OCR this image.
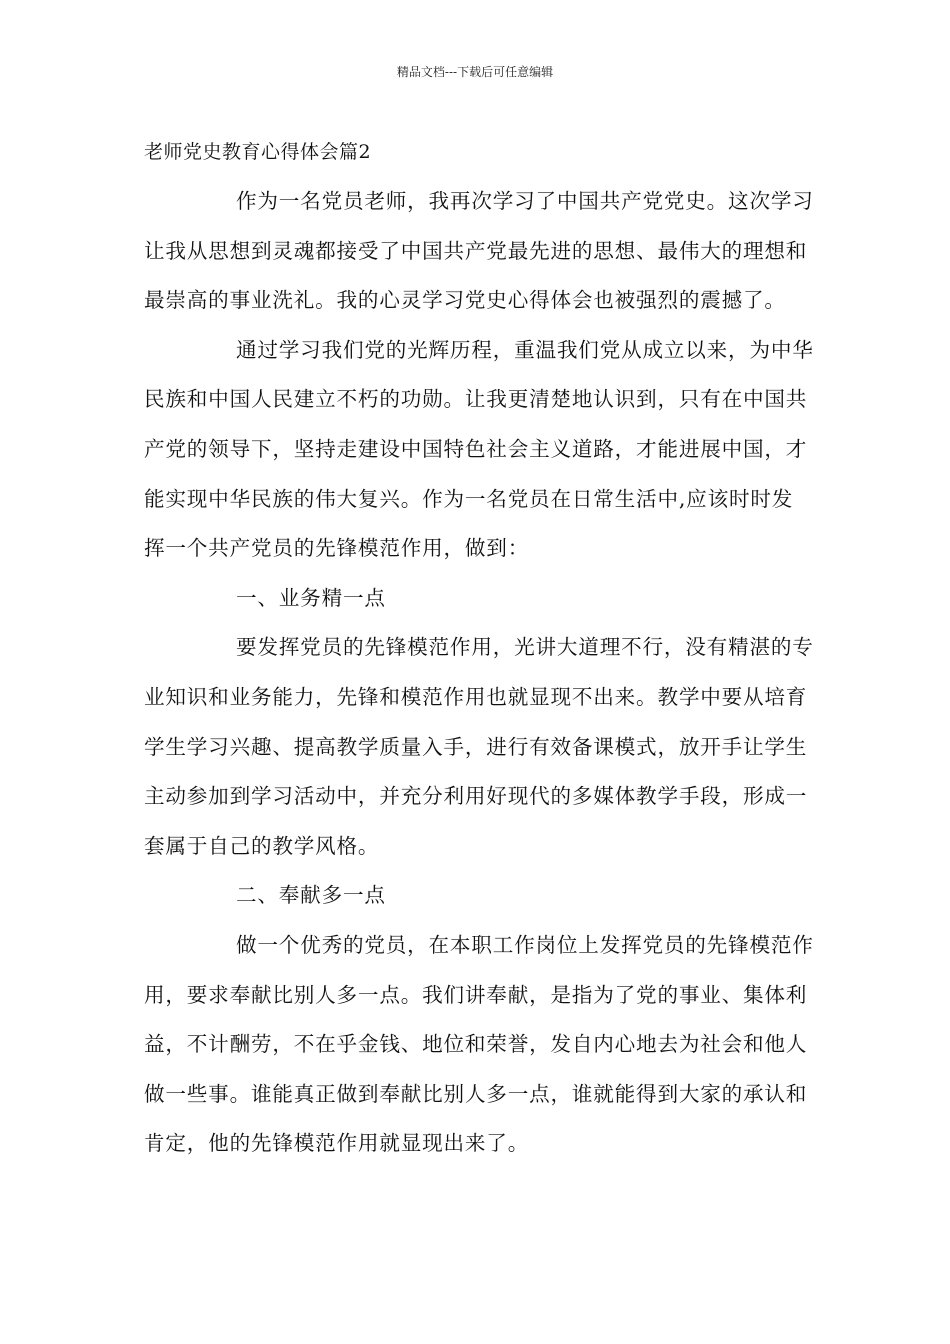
精品文档---下载后可任意编辑
老师党史教育心得体会篇2

作为一名党员老师，我再次学习了中国共产党党史。这次学习让我从思想到灵魂都接受了中国共产党最先进的思想、最伟大的理想和最崇高的事业洗礼。我的心灵学习党史心得体会也被强烈的震撼了。

通过学习我们党的光辉历程，重温我们党从成立以来，为中华民族和中国人民建立不朽的功勋。让我更清楚地认识到，只有在中国共产党的领导下，坚持走建设中国特色社会主义道路，才能进展中国，才能实现中华民族的伟大复兴。作为一名党员在日常生活中,应该时时发挥一个共产党员的先锋模范作用，做到：

一、业务精一点

要发挥党员的先锋模范作用，光讲大道理不行，没有精湛的专业知识和业务能力，先锋和模范作用也就显现不出来。教学中要从培育学生学习兴趣、提高教学质量入手，进行有效备课模式，放开手让学生主动参加到学习活动中，并充分利用好现代的多媒体教学手段，形成一套属于自己的教学风格。

二、奉献多一点

做一个优秀的党员，在本职工作岗位上发挥党员的先锋模范作用，要求奉献比别人多一点。我们讲奉献，是指为了党的事业、集体利益，不计酬劳，不在乎金钱、地位和荣誉，发自内心地去为社会和他人做一些事。谁能真正做到奉献比别人多一点，谁就能得到大家的承认和肯定，他的先锋模范作用就显现出来了。
